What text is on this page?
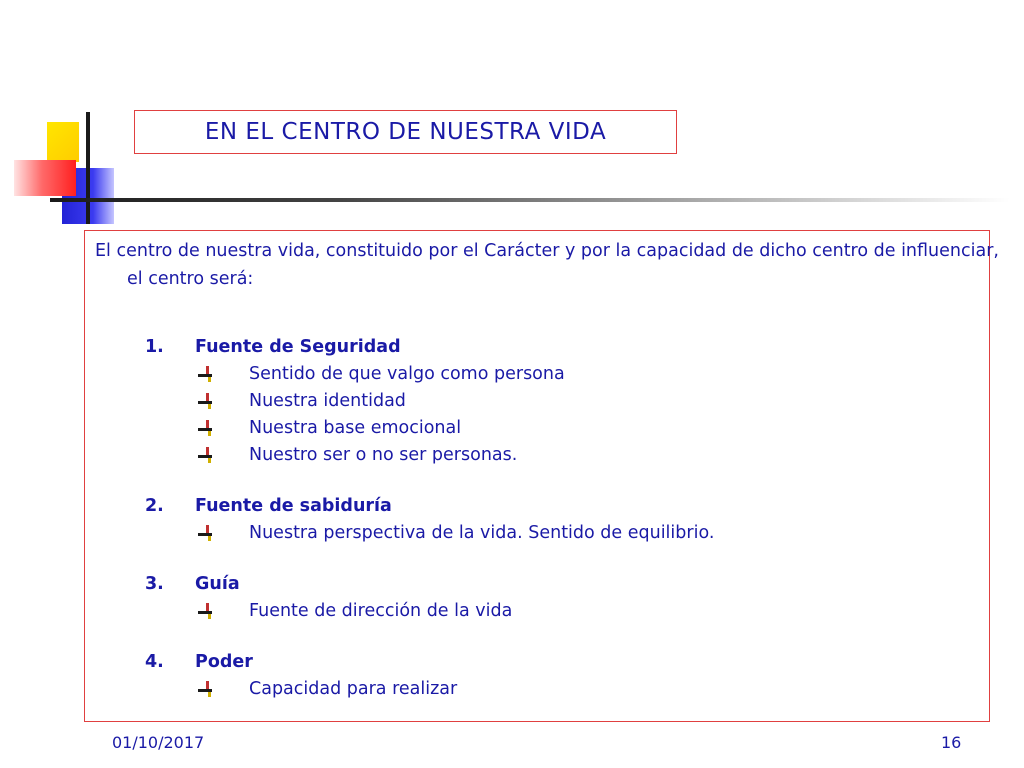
EN EL CENTRO DE NUESTRA VIDA
El centro de nuestra vida, constituido por el Carácter y por la capacidad de dicho centro de influenciar, el centro será:
1.	Fuente de Seguridad
Sentido de que valgo como persona
Nuestra identidad
Nuestra base emocional
Nuestro ser o no ser personas.
2.	Fuente de sabiduría
Nuestra perspectiva de la vida. Sentido de equilibrio.
3.	Guía
Fuente de dirección de la vida
4.	Poder
Capacidad para realizar
01/10/2017	16
